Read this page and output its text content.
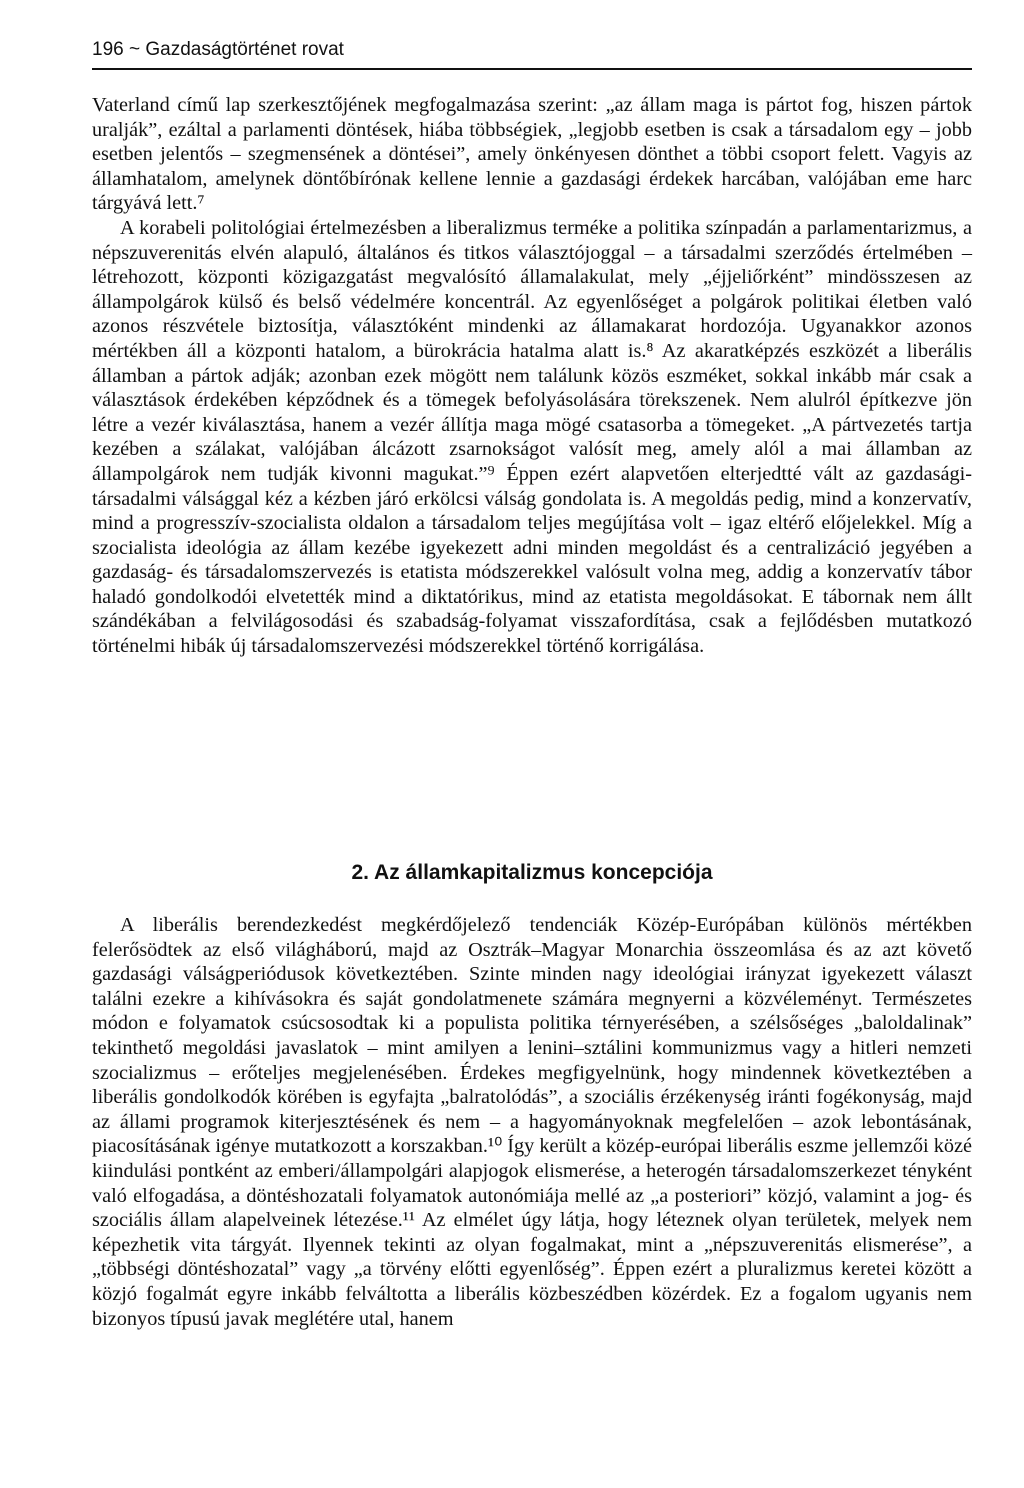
196 ~ Gazdaságtörténet rovat

Vaterland című lap szerkesztőjének megfogalmazása szerint: „az állam maga is pártot fog, hiszen pártok uralják”, ezáltal a parlamenti döntések, hiába többségiek, „legjobb esetben is csak a társadalom egy – jobb esetben jelentős – szegmensének a döntései”, amely önkényesen dönthet a többi csoport felett. Vagyis az államhatalom, amelynek döntőbírónak kellene lennie a gazdasági érdekek harcában, valójában eme harc tárgyává lett.⁷

A korabeli politológiai értelmezésben a liberalizmus terméke a politika színpadán a parlamentarizmus, a népszuverenitás elvén alapuló, általános és titkos választójoggal – a társadalmi szerződés értelmében – létrehozott, központi közigazgatást megvalósító államalakulat, mely „éjjeliőrként” mindösszesen az állampolgárok külső és belső védelmére koncentrál. Az egyenlőséget a polgárok politikai életben való azonos részvétele biztosítja, választóként mindenki az államakarat hordozója. Ugyanakkor azonos mértékben áll a központi hatalom, a bürokrácia hatalma alatt is.⁸ Az akaratképzés eszközét a liberális államban a pártok adják; azonban ezek mögött nem találunk közös eszméket, sokkal inkább már csak a választások érdekében képződnek és a tömegek befolyásolására törekszenek. Nem alulról építkezve jön létre a vezér kiválasztása, hanem a vezér állítja maga mögé csatasorba a tömegeket. „A pártvezetés tartja kezében a szálakat, valójában álcázott zsarnokságot valósít meg, amely alól a mai államban az állampolgárok nem tudják kivonni magukat.”⁹ Éppen ezért alapvetően elterjedtté vált az gazdasági-társadalmi válsággal kéz a kézben járó erkölcsi válság gondolata is. A megoldás pedig, mind a konzervatív, mind a progresszív-szocialista oldalon a társadalom teljes megújítása volt – igaz eltérő előjelekkel. Míg a szocialista ideológia az állam kezébe igyekezett adni minden megoldást és a centralizáció jegyében a gazdaság- és társadalomszervezés is etatista módszerekkel valósult volna meg, addig a konzervatív tábor haladó gondolkodói elvetették mind a diktatórikus, mind az etatista megoldásokat. E tábornak nem állt szándékában a felvilágosodási és szabadság-folyamat visszafordítása, csak a fejlődésben mutatkozó történelmi hibák új társadalomszervezési módszerekkel történő korrigálása.

2. Az államkapitalizmus koncepciója

A liberális berendezkedést megkérdőjelező tendenciák Közép-Európában különös mértékben felerősödtek az első világháború, majd az Osztrák–Magyar Monarchia összeomlása és az azt követő gazdasági válságperiódusok következtében. Szinte minden nagy ideológiai irányzat igyekezett választ találni ezekre a kihívásokra és saját gondolatmenete számára megnyerni a közvéleményt. Természetes módon e folyamatok csúcsosodtak ki a populista politika térnyerésében, a szélsőséges „baloldalinak” tekinthető megoldási javaslatok – mint amilyen a lenini–sztálini kommunizmus vagy a hitleri nemzeti szocializmus – erőteljes megjelenésében. Érdekes megfigyelnünk, hogy mindennek következtében a liberális gondolkodók körében is egyfajta „balratolódás”, a szociális érzékenység iránti fogékonyság, majd az állami programok kiterjesztésének és nem – a hagyományoknak megfelelően – azok lebontásának, piacosításának igénye mutatkozott a korszakban.¹⁰ Így került a közép-európai liberális eszme jellemzői közé kiindulási pontként az emberi/állampolgári alapjogok elismerése, a heterogén társadalomszerkezet tényként való elfogadása, a döntéshozatali folyamatok autonómiája mellé az „a posteriori” közjó, valamint a jog- és szociális állam alapelveinek létezése.¹¹ Az elmélet úgy látja, hogy léteznek olyan területek, melyek nem képezhetik vita tárgyát. Ilyennek tekinti az olyan fogalmakat, mint a „népszuverenitás elismerése”, a „többségi döntéshozatal” vagy „a törvény előtti egyenlőség”. Éppen ezért a pluralizmus keretei között a közjó fogalmát egyre inkább felváltotta a liberális közbeszédben közérdek. Ez a fogalom ugyanis nem bizonyos típusú javak meglétére utal, hanem
